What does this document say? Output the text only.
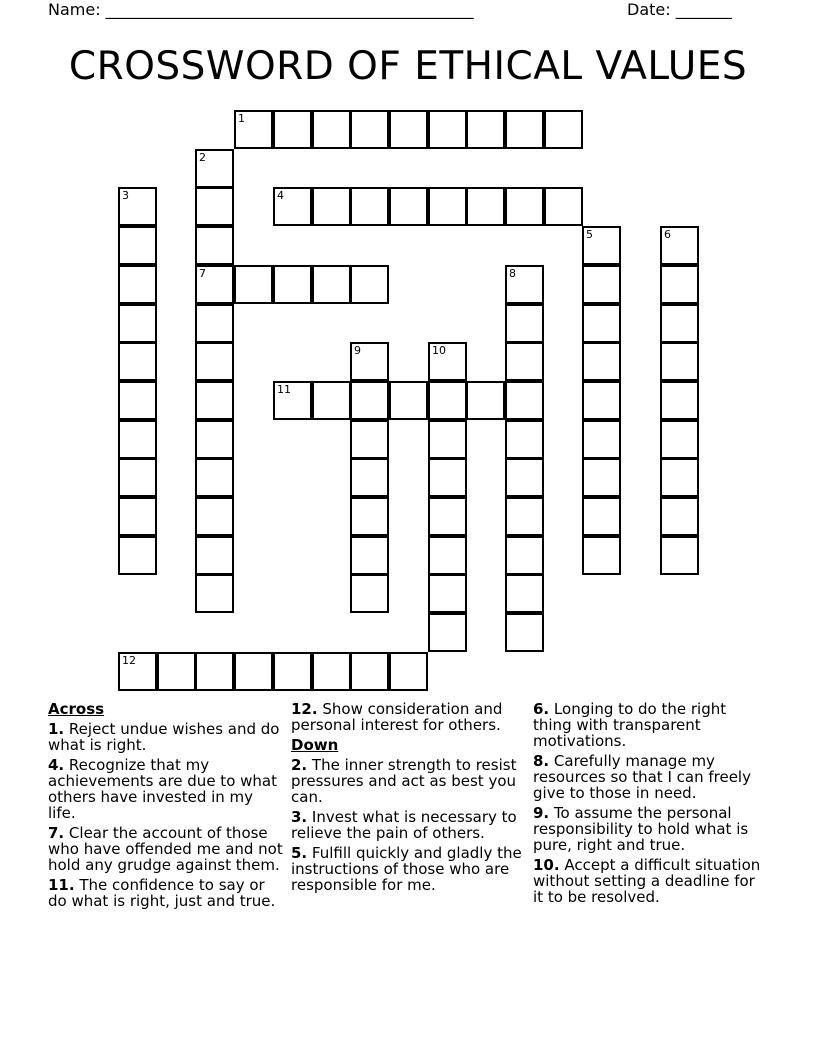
Name: ______________________________________________	Date: _______
CROSSWORD OF ETHICAL VALUES
1
2
7
3	4
5	6
8
9	10
11
12
Across
1. Reject undue wishes and do what is right.
4. Recognize that my achievements are due to what others have invested in my life.
7. Clear the account of those who have offended me and not hold any grudge against them.
11. The confidence to say or do what is right, just and true.
12. Show consideration and personal interest for others.
Down
2. The inner strength to resist pressures and act as best you can.
3. Invest what is necessary to relieve the pain of others.
5. Fulfill quickly and gladly the instructions of those who are responsible for me.
6. Longing to do the right thing with transparent motivations.
8. Carefully manage my resources so that I can freely give to those in need.
9. To assume the personal responsibility to hold what is pure, right and true.
10. Accept a difficult situation without setting a deadline for it to be resolved.
